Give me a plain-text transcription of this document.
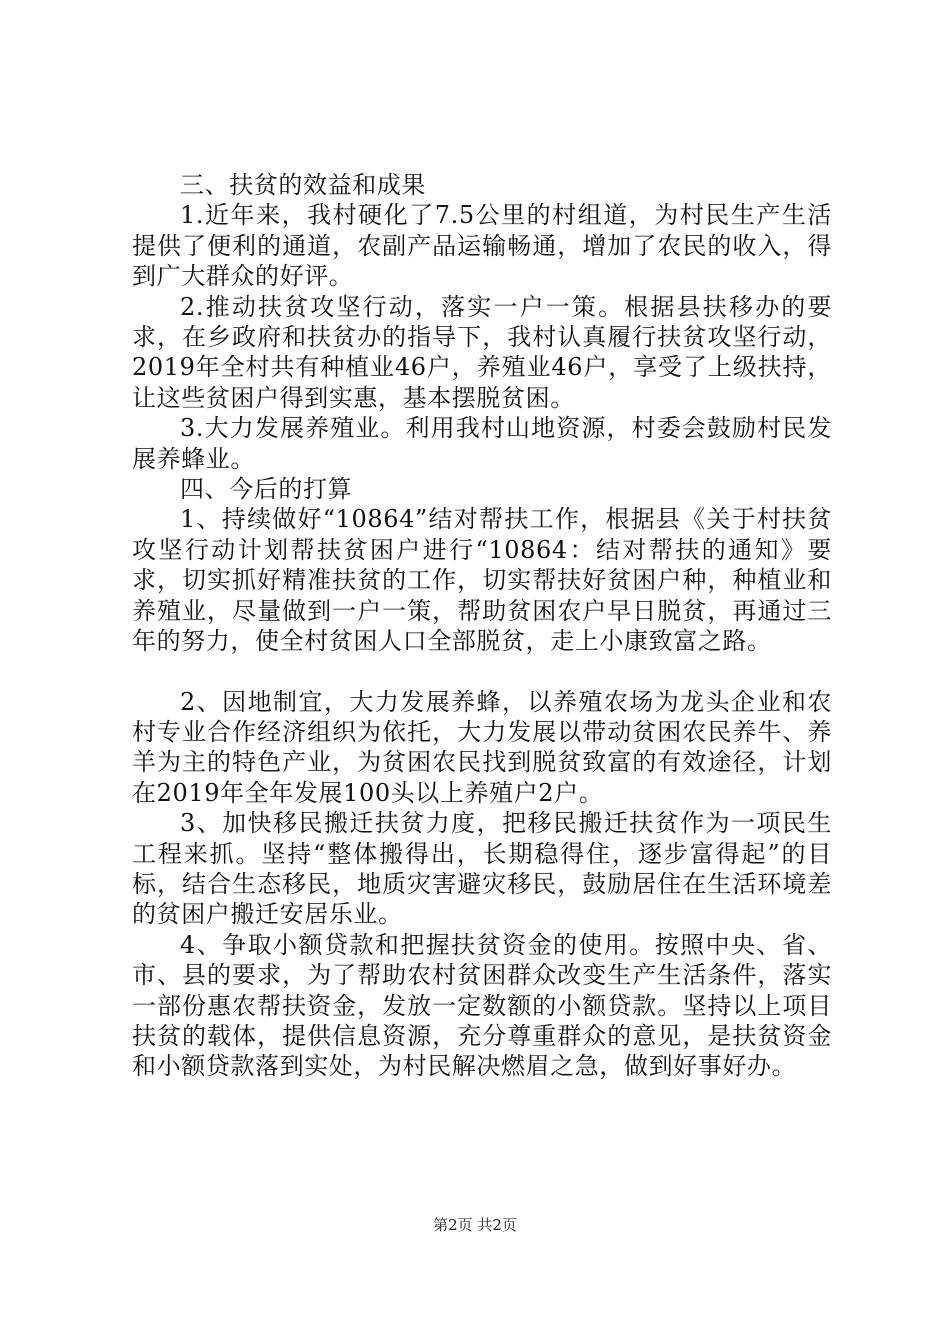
三、扶贫的效益和成果

1.近年来，我村硬化了7.5公里的村组道，为村民生产生活提供了便利的通道，农副产品运输畅通，增加了农民的收入，得到广大群众的好评。

2.推动扶贫攻坚行动，落实一户一策。根据县扶移办的要求，在乡政府和扶贫办的指导下，我村认真履行扶贫攻坚行动，2019年全村共有种植业46户，养殖业46户，享受了上级扶持，让这些贫困户得到实惠，基本摆脱贫困。

3.大力发展养殖业。利用我村山地资源，村委会鼓励村民发展养蜂业。

四、今后的打算

1、持续做好“10864”结对帮扶工作，根据县《关于村扶贫攻坚行动计划帮扶贫困户进行“10864：结对帮扶的通知》要求，切实抓好精准扶贫的工作，切实帮扶好贫困户种，种植业和养殖业，尽量做到一户一策，帮助贫困农户早日脱贫，再通过三年的努力，使全村贫困人口全部脱贫，走上小康致富之路。

2、因地制宜，大力发展养蜂，以养殖农场为龙头企业和农村专业合作经济组织为依托，大力发展以带动贫困农民养牛、养羊为主的特色产业，为贫困农民找到脱贫致富的有效途径，计划在2019年全年发展100头以上养殖户2户。

3、加快移民搬迁扶贫力度，把移民搬迁扶贫作为一项民生工程来抓。坚持“整体搬得出，长期稳得住，逐步富得起”的目标，结合生态移民，地质灾害避灾移民，鼓励居住在生活环境差的贫困户搬迁安居乐业。

4、争取小额贷款和把握扶贫资金的使用。按照中央、省、市、县的要求，为了帮助农村贫困群众改变生产生活条件，落实一部份惠农帮扶资金，发放一定数额的小额贷款。坚持以上项目扶贫的载体，提供信息资源，充分尊重群众的意见，是扶贫资金和小额贷款落到实处，为村民解决燃眉之急，做到好事好办。

第2页 共2页
